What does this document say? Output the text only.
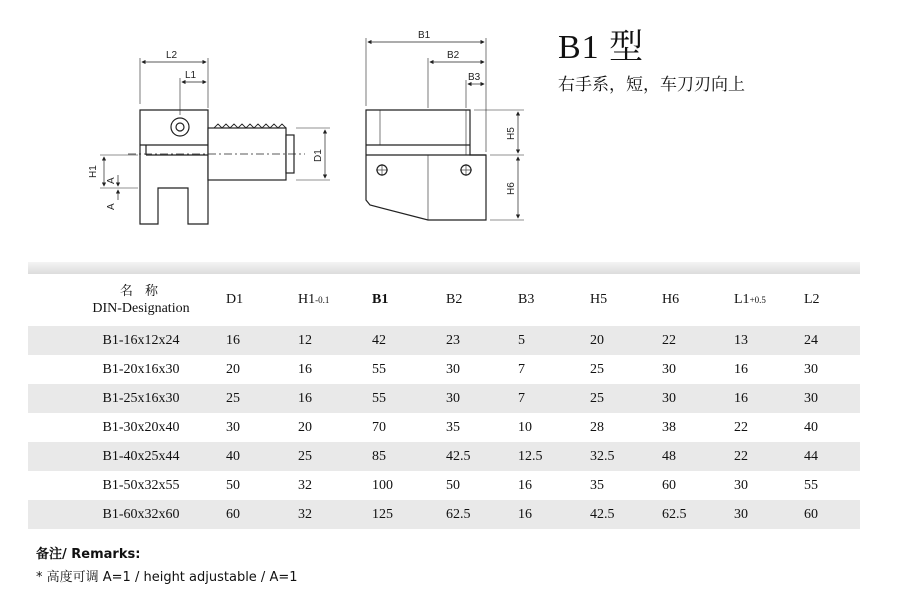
L2
L1
H1
A
A
D1
B1
B2
B3
H5
H6
B1 型
右手系，短，车刀刃向上
名 称
DIN-Designation	D1	H1-0.1	B1	B2	B3	H5	H6	L1+0.5	L2
B1-16x12x24	16	12	42	23	5	20	22	13	24
B1-20x16x30	20	16	55	30	7	25	30	16	30
B1-25x16x30	25	16	55	30	7	25	30	16	30
B1-30x20x40	30	20	70	35	10	28	38	22	40
B1-40x25x44	40	25	85	42.5	12.5	32.5	48	22	44
B1-50x32x55	50	32	100	50	16	35	60	30	55
B1-60x32x60	60	32	125	62.5	16	42.5	62.5	30	60
备注/ Remarks:
* 高度可调 A=1 / height adjustable / A=1
